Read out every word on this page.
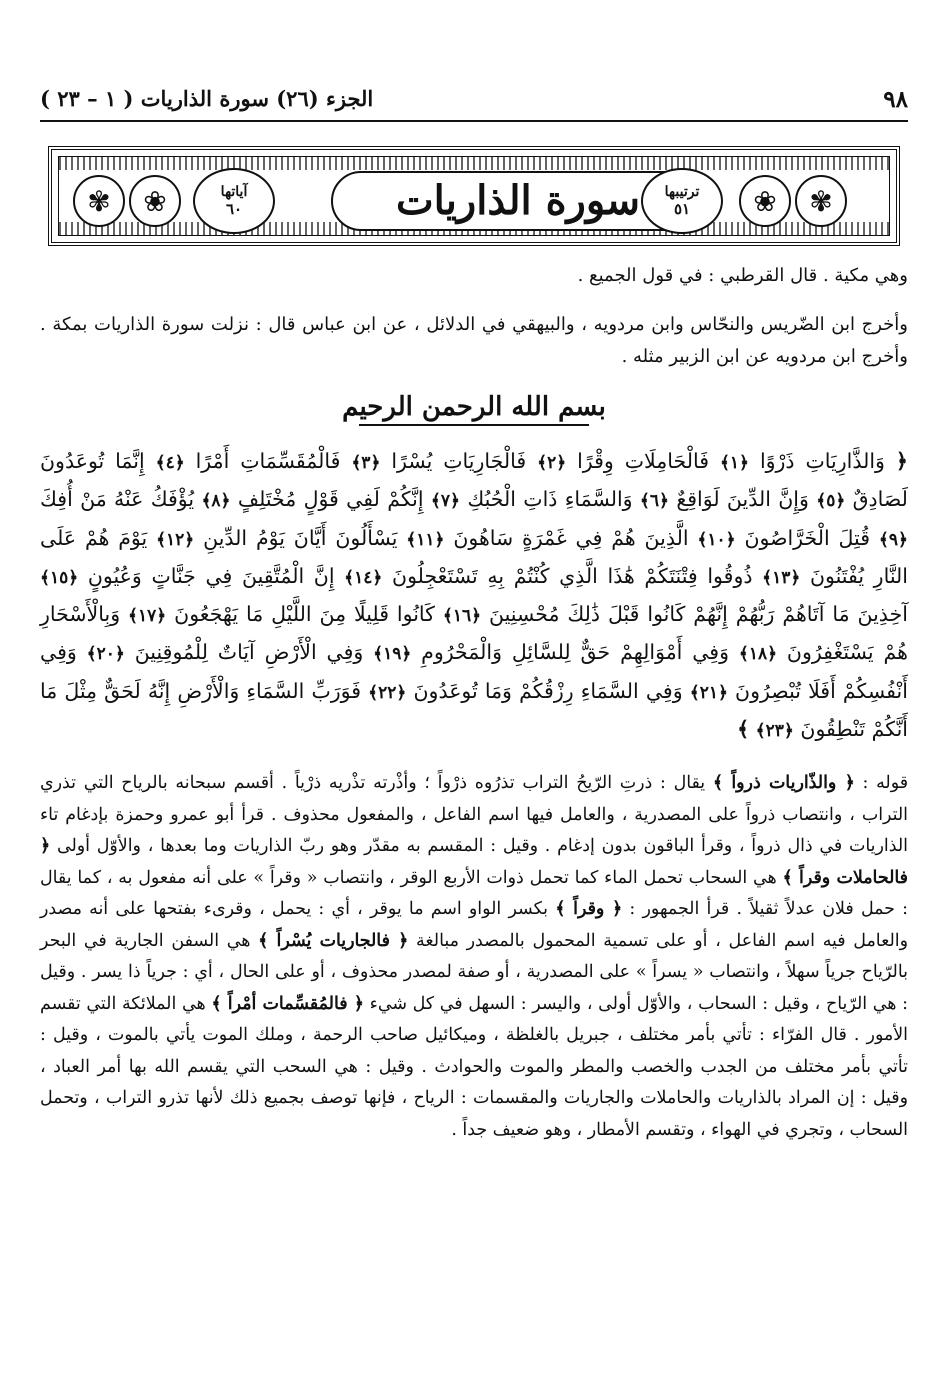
٩٨
الجزء (٢٦) سورة الذاريات ( ١ – ٢٣ )
✾	❀	❀	✾
آياتها
٦٠	سورة الذاريات ترتيبها
٥١
وهي مكية . قال القرطبي : في قول الجميع .
وأخرج ابن الضّريس والنحّاس وابن مردويه ، والبيهقي في الدلائل ، عن ابن عباس قال : نزلت سورة الذاريات بمكة . وأخرج ابن مردويه عن ابن الزبير مثله .
بسم الله الرحمن الرحيم
﴿ وَالذَّارِيَاتِ ذَرْوًا ﴿١﴾ فَالْحَامِلَاتِ وِقْرًا ﴿٢﴾ فَالْجَارِيَاتِ يُسْرًا ﴿٣﴾ فَالْمُقَسِّمَاتِ أَمْرًا ﴿٤﴾ إِنَّمَا تُوعَدُونَ لَصَادِقٌ ﴿٥﴾ وَإِنَّ الدِّينَ لَوَاقِعٌ ﴿٦﴾ وَالسَّمَاءِ ذَاتِ الْحُبُكِ ﴿٧﴾ إِنَّكُمْ لَفِي قَوْلٍ مُخْتَلِفٍ ﴿٨﴾ يُؤْفَكُ عَنْهُ مَنْ أُفِكَ ﴿٩﴾ قُتِلَ الْخَرَّاصُونَ ﴿١٠﴾ الَّذِينَ هُمْ فِي غَمْرَةٍ سَاهُونَ ﴿١١﴾ يَسْأَلُونَ أَيَّانَ يَوْمُ الدِّينِ ﴿١٢﴾ يَوْمَ هُمْ عَلَى النَّارِ يُفْتَنُونَ ﴿١٣﴾ ذُوقُوا فِتْنَتَكُمْ هَٰذَا الَّذِي كُنْتُمْ بِهِ تَسْتَعْجِلُونَ ﴿١٤﴾ إِنَّ الْمُتَّقِينَ فِي جَنَّاتٍ وَعُيُونٍ ﴿١٥﴾ آخِذِينَ مَا آتَاهُمْ رَبُّهُمْ إِنَّهُمْ كَانُوا قَبْلَ ذَٰلِكَ مُحْسِنِينَ ﴿١٦﴾ كَانُوا قَلِيلًا مِنَ اللَّيْلِ مَا يَهْجَعُونَ ﴿١٧﴾ وَبِالْأَسْحَارِ هُمْ يَسْتَغْفِرُونَ ﴿١٨﴾ وَفِي أَمْوَالِهِمْ حَقٌّ لِلسَّائِلِ وَالْمَحْرُومِ ﴿١٩﴾ وَفِي الْأَرْضِ آيَاتٌ لِلْمُوقِنِينَ ﴿٢٠﴾ وَفِي أَنْفُسِكُمْ أَفَلَا تُبْصِرُونَ ﴿٢١﴾ وَفِي السَّمَاءِ رِزْقُكُمْ وَمَا تُوعَدُونَ ﴿٢٢﴾ فَوَرَبِّ السَّمَاءِ وَالْأَرْضِ إِنَّهُ لَحَقٌّ مِثْلَ مَا أَنَّكُمْ تَنْطِقُونَ ﴿٢٣﴾ ﴾
قوله : ﴿ والذّاريات ذرواً ﴾ يقال : ذرتِ الرّيحُ التراب تذرُوه ذرْواً ؛ وأذْرته تذْريه ذرْياً . أقسم سبحانه بالرياح التي تذري التراب ، وانتصاب ذرواً على المصدرية ، والعامل فيها اسم الفاعل ، والمفعول محذوف . قرأ أبو عمرو وحمزة بإدغام تاء الذاريات في ذال ذرواً ، وقرأ الباقون بدون إدغام . وقيل : المقسم به مقدّر وهو ربّ الذاريات وما بعدها ، والأوّل أولى ﴿ فالحاملات وقراً ﴾ هي السحاب تحمل الماء كما تحمل ذوات الأربع الوقر ، وانتصاب « وقراً » على أنه مفعول به ، كما يقال : حمل فلان عدلاً ثقيلاً . قرأ الجمهور : ﴿ وقراً ﴾ بكسر الواو اسم ما يوقر ، أي : يحمل ، وقرىء بفتحها على أنه مصدر والعامل فيه اسم الفاعل ، أو على تسمية المحمول بالمصدر مبالغة ﴿ فالجاريات يُسْراً ﴾ هي السفن الجارية في البحر بالرّياح جرياً سهلاً ، وانتصاب « يسراً » على المصدرية ، أو صفة لمصدر محذوف ، أو على الحال ، أي : جرياً ذا يسر . وقيل : هي الرّياح ، وقيل : السحاب ، والأوّل أولى ، واليسر : السهل في كل شيء ﴿ فالمُقسِّمات أمْراً ﴾ هي الملائكة التي تقسم الأمور . قال الفرّاء : تأتي بأمر مختلف ، جبريل بالغلظة ، وميكائيل صاحب الرحمة ، وملك الموت يأتي بالموت ، وقيل : تأتي بأمر مختلف من الجدب والخصب والمطر والموت والحوادث . وقيل : هي السحب التي يقسم الله بها أمر العباد ، وقيل : إن المراد بالذاريات والحاملات والجاريات والمقسمات : الرياح ، فإنها توصف بجميع ذلك لأنها تذرو التراب ، وتحمل السحاب ، وتجري في الهواء ، وتقسم الأمطار ، وهو ضعيف جداً .
